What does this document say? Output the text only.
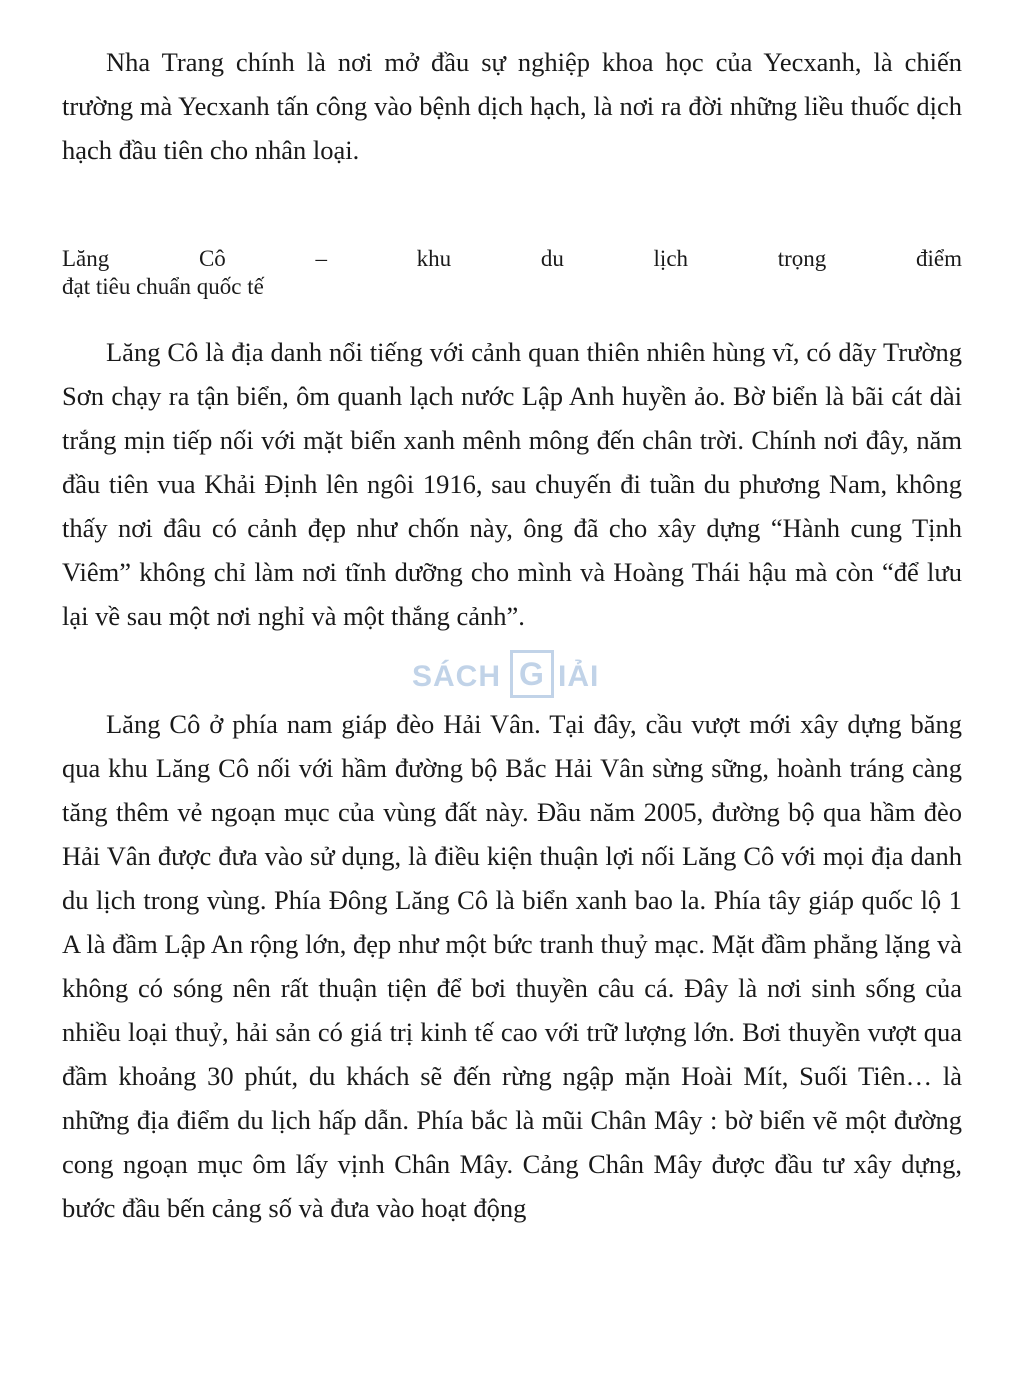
Nha Trang chính là nơi mở đầu sự nghiệp khoa học của Yecxanh, là chiến trường mà Yecxanh tấn công vào bệnh dịch hạch, là nơi ra đời những liều thuốc dịch hạch đầu tiên cho nhân loại.

Lăng	Cô	–	khu	du	lịch	trọng	điểm
đạt tiêu chuẩn quốc tế

Lăng Cô là địa danh nổi tiếng với cảnh quan thiên nhiên hùng vĩ, có dãy Trường Sơn chạy ra tận biển, ôm quanh lạch nước Lập Anh huyền ảo. Bờ biển là bãi cát dài trắng mịn tiếp nối với mặt biển xanh mênh mông đến chân trời. Chính nơi đây, năm đầu tiên vua Khải Định lên ngôi 1916, sau chuyến đi tuần du phương Nam, không thấy nơi đâu có cảnh đẹp như chốn này, ông đã cho xây dựng “Hành cung Tịnh Viêm” không chỉ làm nơi tĩnh dưỡng cho mình và Hoàng Thái hậu mà còn “để lưu lại về sau một nơi nghỉ và một thắng cảnh”.

Lăng Cô ở phía nam giáp đèo Hải Vân. Tại đây, cầu vượt mới xây dựng băng qua khu Lăng Cô nối với hầm đường bộ Bắc Hải Vân sừng sững, hoành tráng càng tăng thêm vẻ ngoạn mục của vùng đất này. Đầu năm 2005, đường bộ qua hầm đèo Hải Vân được đưa vào sử dụng, là điều kiện thuận lợi nối Lăng Cô với mọi địa danh du lịch trong vùng. Phía Đông Lăng Cô là biển xanh bao la. Phía tây giáp quốc lộ 1 A là đầm Lập An rộng lớn, đẹp như một bức tranh thuỷ mạc. Mặt đầm phẳng lặng và không có sóng nên rất thuận tiện để bơi thuyền câu cá. Đây là nơi sinh sống của nhiều loại thuỷ, hải sản có giá trị kinh tế cao với trữ lượng lớn. Bơi thuyền vượt qua đầm khoảng 30 phút, du khách sẽ đến rừng ngập mặn Hoài Mít, Suối Tiên… là những địa điểm du lịch hấp dẫn. Phía bắc là mũi Chân Mây : bờ biển vẽ một đường cong ngoạn mục ôm lấy vịnh Chân Mây. Cảng Chân Mây được đầu tư xây dựng, bước đầu bến cảng số và đưa vào hoạt động

SÁCH G IẢI
